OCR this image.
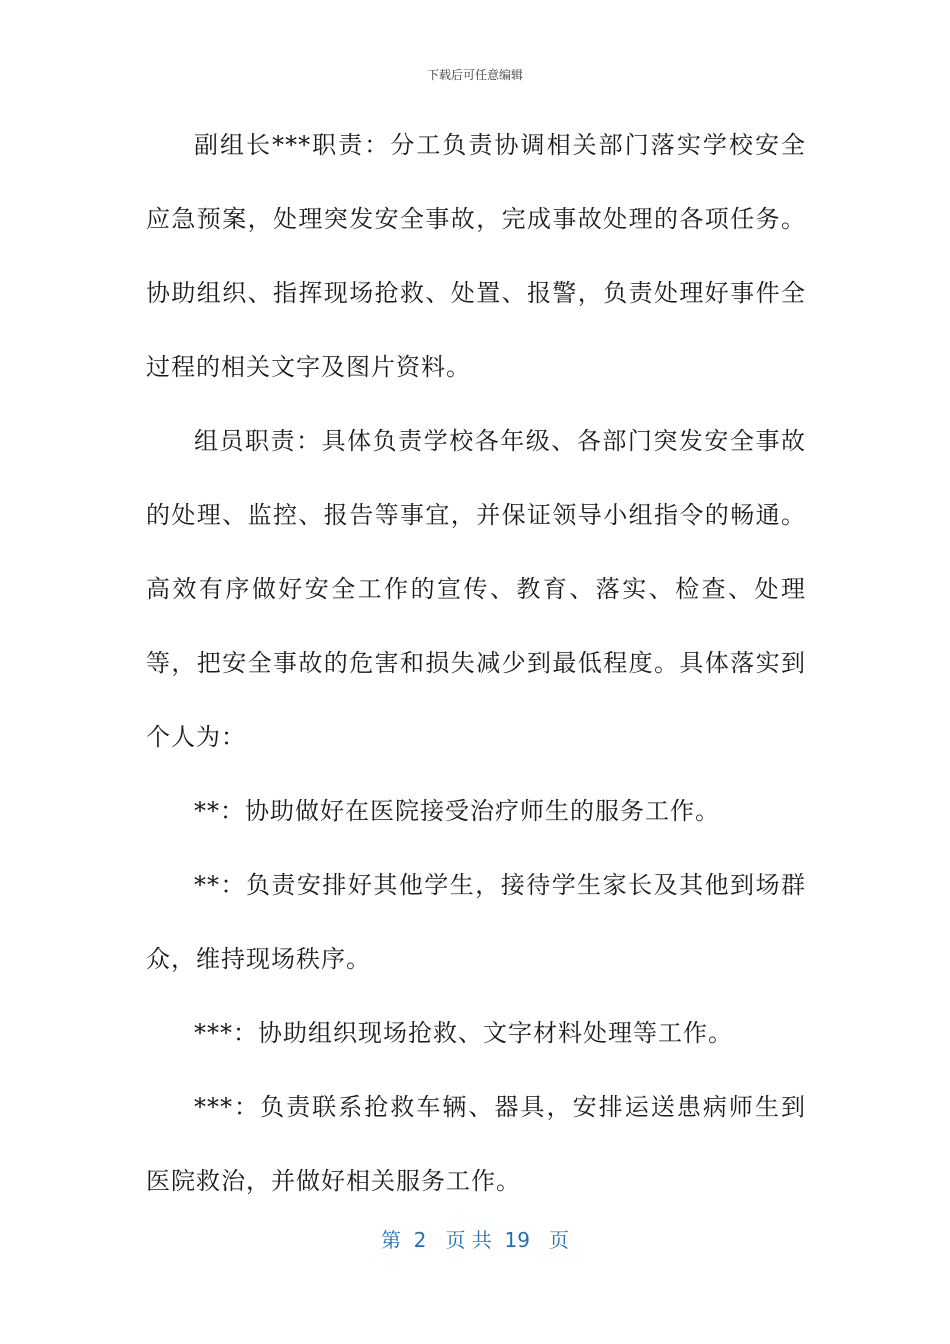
下载后可任意编辑

副组长***职责：分工负责协调相关部门落实学校安全应急预案，处理突发安全事故，完成事故处理的各项任务。协助组织、指挥现场抢救、处置、报警，负责处理好事件全过程的相关文字及图片资料。

组员职责：具体负责学校各年级、各部门突发安全事故的处理、监控、报告等事宜，并保证领导小组指令的畅通。高效有序做好安全工作的宣传、教育、落实、检查、处理等，把安全事故的危害和损失减少到最低程度。具体落实到个人为：

**：协助做好在医院接受治疗师生的服务工作。

**：负责安排好其他学生，接待学生家长及其他到场群众，维持现场秩序。

***：协助组织现场抢救、文字材料处理等工作。

***：负责联系抢救车辆、器具，安排运送患病师生到医院救治，并做好相关服务工作。

第  2   页 共  19   页
